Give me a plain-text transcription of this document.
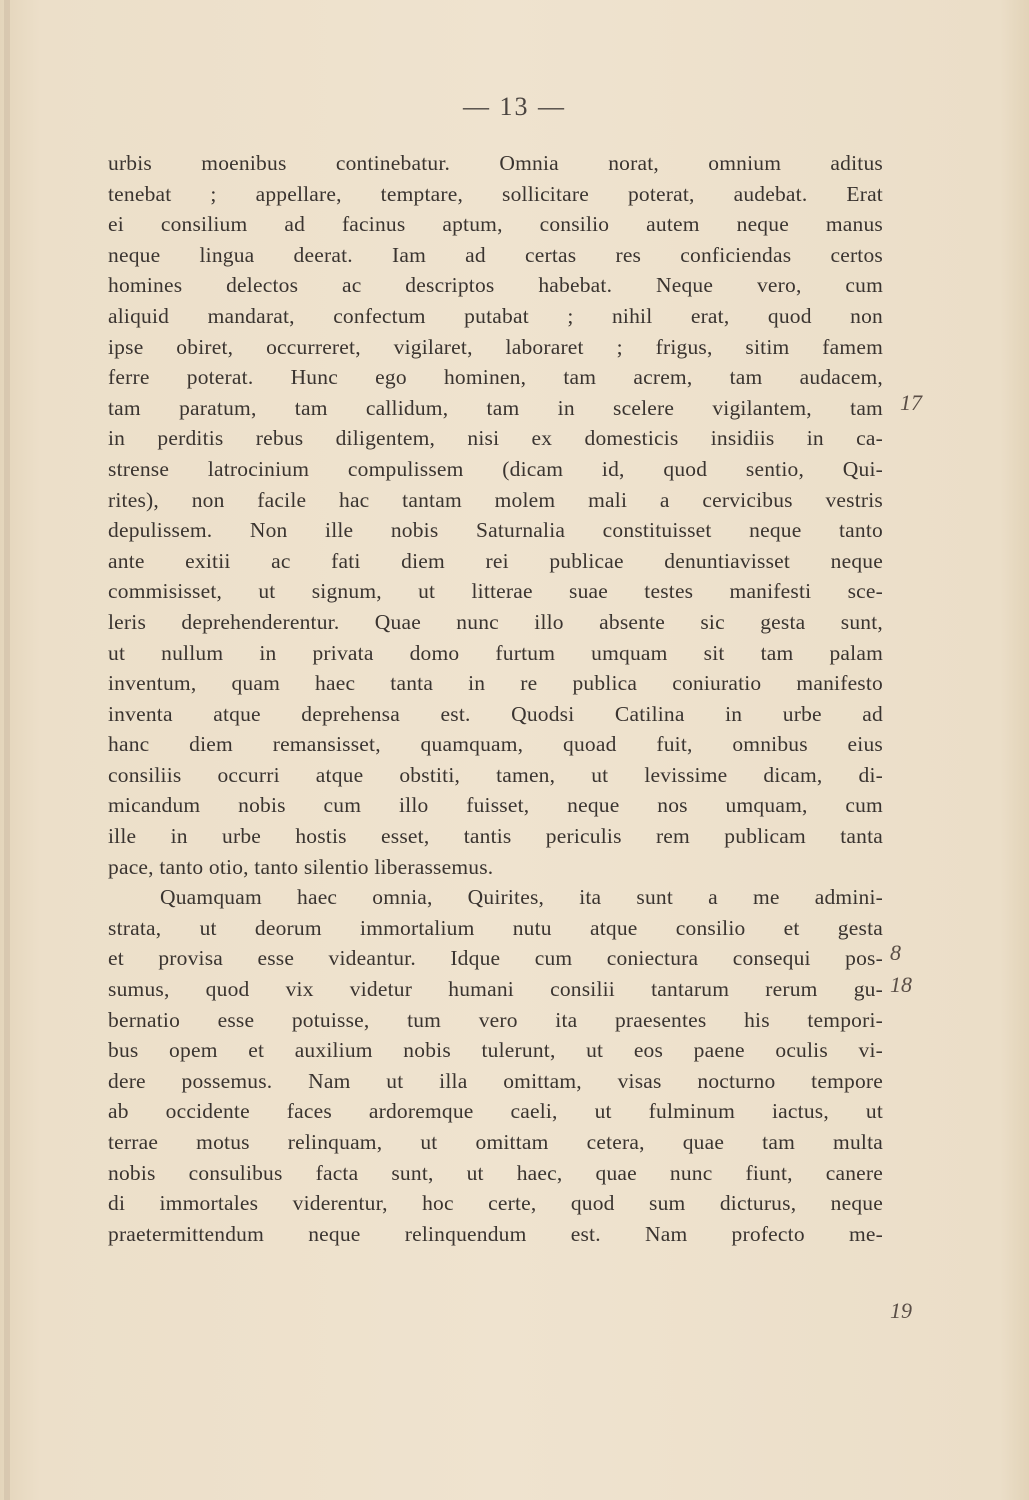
— 13 —
urbis moenibus continebatur. Omnia norat, omnium aditus
tenebat ; appellare, temptare, sollicitare poterat, audebat. Erat
ei consilium ad facinus aptum, consilio autem neque manus
neque lingua deerat. Iam ad certas res conficiendas certos
homines delectos ac descriptos habebat. Neque vero, cum
aliquid mandarat, confectum putabat ; nihil erat, quod non
ipse obiret, occurreret, vigilaret, laboraret ; frigus, sitim famem
ferre poterat. Hunc ego hominen, tam acrem, tam audacem,
tam paratum, tam callidum, tam in scelere vigilantem, tam
in perditis rebus diligentem, nisi ex domesticis insidiis in ca-
strense latrocinium compulissem (dicam id, quod sentio, Qui-
rites), non facile hac tantam molem mali a cervicibus vestris
depulissem. Non ille nobis Saturnalia constituisset neque tanto
ante exitii ac fati diem rei publicae denuntiavisset neque
commisisset, ut signum, ut litterae suae testes manifesti sce-
leris deprehenderentur. Quae nunc illo absente sic gesta sunt,
ut nullum in privata domo furtum umquam sit tam palam
inventum, quam haec tanta in re publica coniuratio manifesto
inventa atque deprehensa est. Quodsi Catilina in urbe ad
hanc diem remansisset, quamquam, quoad fuit, omnibus eius
consiliis occurri atque obstiti, tamen, ut levissime dicam, di-
micandum nobis cum illo fuisset, neque nos umquam, cum
ille in urbe hostis esset, tantis periculis rem publicam tanta
pace, tanto otio, tanto silentio liberassemus.
Quamquam haec omnia, Quirites, ita sunt a me admini-
strata, ut deorum immortalium nutu atque consilio et gesta
et provisa esse videantur. Idque cum coniectura consequi pos-
sumus, quod vix videtur humani consilii tantarum rerum gu-
bernatio esse potuisse, tum vero ita praesentes his tempori-
bus opem et auxilium nobis tulerunt, ut eos paene oculis vi-
dere possemus. Nam ut illa omittam, visas nocturno tempore
ab occidente faces ardoremque caeli, ut fulminum iactus, ut
terrae motus relinquam, ut omittam cetera, quae tam multa
nobis consulibus facta sunt, ut haec, quae nunc fiunt, canere
di immortales viderentur, hoc certe, quod sum dicturus, neque
praetermittendum neque relinquendum est. Nam profecto me-
17
8
18
19
